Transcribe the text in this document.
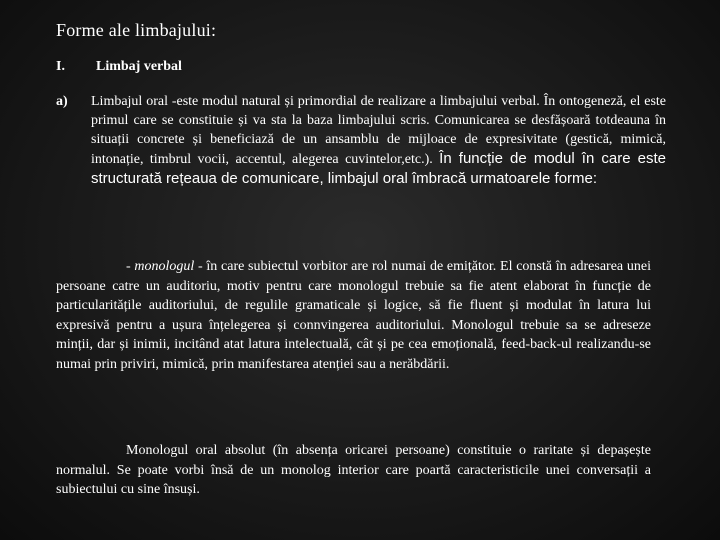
Forme ale limbajului:
I. Limbaj verbal
a) Limbajul oral -este modul natural și primordial de realizare a limbajului verbal. În ontogeneză, el este primul care se constituie și va sta la baza limbajului scris. Comunicarea se desfășoară totdeauna în situații concrete și beneficiază de un ansamblu de mijloace de expresivitate (gestică, mimică, intonație, timbrul vocii, accentul, alegerea cuvintelor,etc.). În funcție de modul în care este structurată rețeaua de comunicare, limbajul oral îmbracă urmatoarele forme:
- monologul - în care subiectul vorbitor are rol numai de emițător. El constă în adresarea unei persoane catre un auditoriu, motiv pentru care monologul trebuie sa fie atent elaborat în funcție de particularitățile auditoriului, de regulile gramaticale și logice, să fie fluent și modulat în latura lui expresivă pentru a ușura înțelegerea și connvingerea auditoriului. Monologul trebuie sa se adreseze minții, dar și inimii, incitând atat latura intelectuală, cât și pe cea emoțională, feed-back-ul realizandu-se numai prin priviri, mimică, prin manifestarea atenției sau a nerăbdării.
Monologul oral absolut (în absența oricarei persoane) constituie o raritate și depașește normalul. Se poate vorbi însă de un monolog interior care poartă caracteristicile unei conversații a subiectului cu sine însuși.
